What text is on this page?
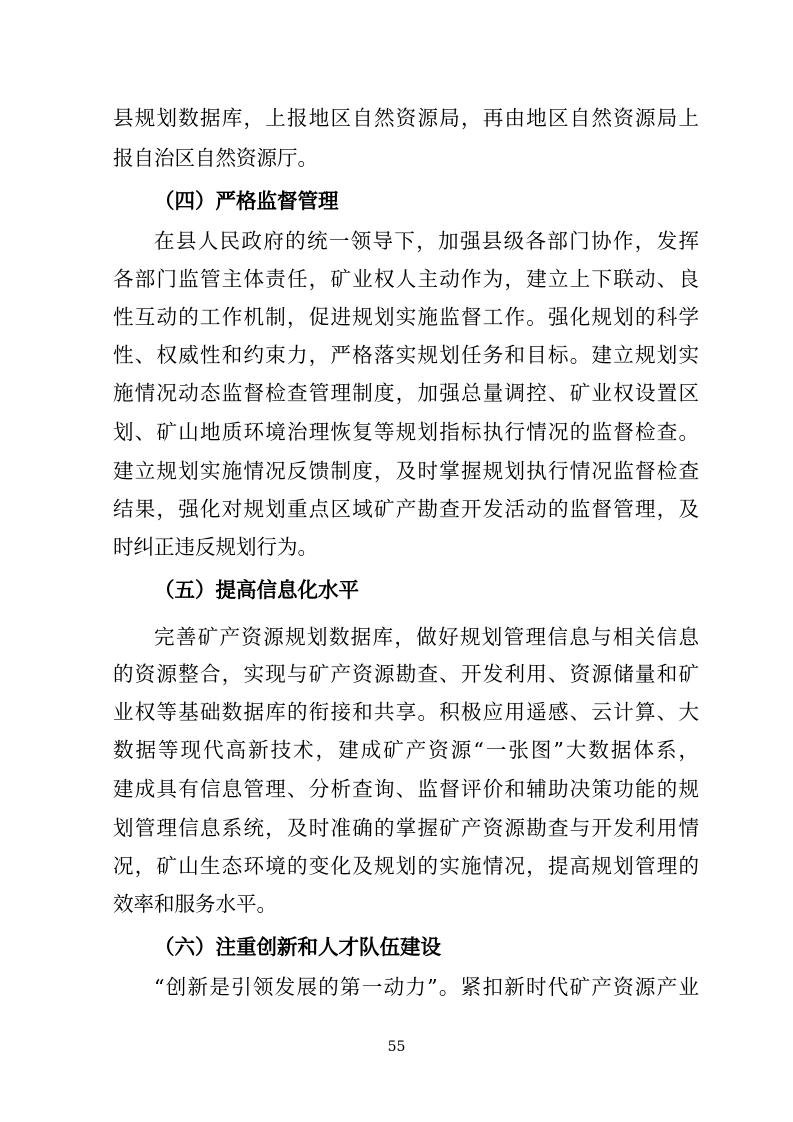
县规划数据库，上报地区自然资源局，再由地区自然资源局上

报自治区自然资源厅。

（四）严格监督管理

在县人民政府的统一领导下，加强县级各部门协作，发挥

各部门监管主体责任，矿业权人主动作为，建立上下联动、良

性互动的工作机制，促进规划实施监督工作。强化规划的科学

性、权威性和约束力，严格落实规划任务和目标。建立规划实

施情况动态监督检查管理制度，加强总量调控、矿业权设置区

划、矿山地质环境治理恢复等规划指标执行情况的监督检查。

建立规划实施情况反馈制度，及时掌握规划执行情况监督检查

结果，强化对规划重点区域矿产勘查开发活动的监督管理，及

时纠正违反规划行为。

（五）提高信息化水平

完善矿产资源规划数据库，做好规划管理信息与相关信息

的资源整合，实现与矿产资源勘查、开发利用、资源储量和矿

业权等基础数据库的衔接和共享。积极应用遥感、云计算、大

数据等现代高新技术，建成矿产资源“一张图”大数据体系，

建成具有信息管理、分析查询、监督评价和辅助决策功能的规

划管理信息系统，及时准确的掌握矿产资源勘查与开发利用情

况，矿山生态环境的变化及规划的实施情况，提高规划管理的

效率和服务水平。

（六）注重创新和人才队伍建设

“创新是引领发展的第一动力”。紧扣新时代矿产资源产业

55
